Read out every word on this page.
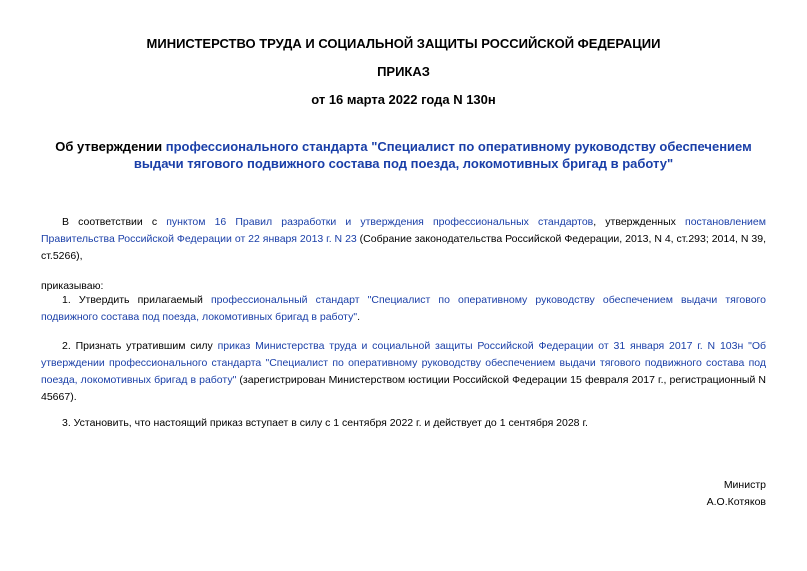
МИНИСТЕРСТВО ТРУДА И СОЦИАЛЬНОЙ ЗАЩИТЫ РОССИЙСКОЙ ФЕДЕРАЦИИ
ПРИКАЗ
от 16 марта 2022 года N 130н
Об утверждении профессионального стандарта "Специалист по оперативному руководству обеспечением выдачи тягового подвижного состава под поезда, локомотивных бригад в работу"
В соответствии с пунктом 16 Правил разработки и утверждения профессиональных стандартов, утвержденных постановлением Правительства Российской Федерации от 22 января 2013 г. N 23 (Собрание законодательства Российской Федерации, 2013, N 4, ст.293; 2014, N 39, ст.5266),
приказываю:
1. Утвердить прилагаемый профессиональный стандарт "Специалист по оперативному руководству обеспечением выдачи тягового подвижного состава под поезда, локомотивных бригад в работу".
2. Признать утратившим силу приказ Министерства труда и социальной защиты Российской Федерации от 31 января 2017 г. N 103н "Об утверждении профессионального стандарта "Специалист по оперативному руководству обеспечением выдачи тягового подвижного состава под поезда, локомотивных бригад в работу" (зарегистрирован Министерством юстиции Российской Федерации 15 февраля 2017 г., регистрационный N 45667).
3. Установить, что настоящий приказ вступает в силу с 1 сентября 2022 г. и действует до 1 сентября 2028 г.
Министр
А.О.Котяков
